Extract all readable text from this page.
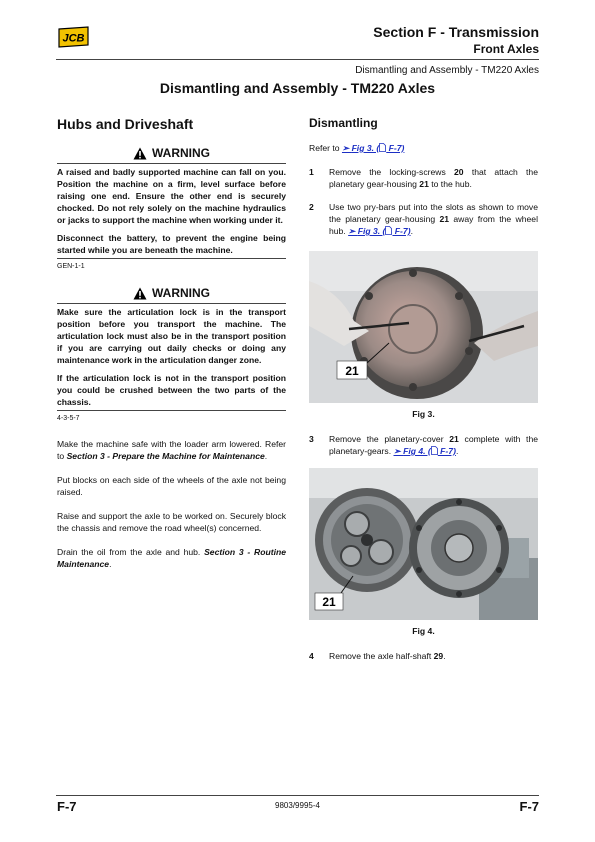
JCB	Section F - Transmission
Front Axles
Dismantling and Assembly - TM220 Axles
Dismantling and Assembly - TM220 Axles
Hubs and Driveshaft
WARNING

A raised and badly supported machine can fall on you. Position the machine on a firm, level surface before raising one end. Ensure the other end is securely chocked. Do not rely solely on the machine hydraulics or jacks to support the machine when working under it.

Disconnect the battery, to prevent the engine being started while you are beneath the machine.

GEN-1-1
WARNING

Make sure the articulation lock is in the transport position before you transport the machine. The articulation lock must also be in the transport position if you are carrying out daily checks or doing any maintenance work in the articulation danger zone.

If the articulation lock is not in the transport position you could be crushed between the two parts of the chassis.

4-3-5-7

Make the machine safe with the loader arm lowered. Refer to Section 3 - Prepare the Machine for Maintenance.

Put blocks on each side of the wheels of the axle not being raised.

Raise and support the axle to be worked on. Securely block the chassis and remove the road wheel(s) concerned.

Drain the oil from the axle and hub. Section 3 - Routine Maintenance.

Dismantling

Refer to ➢ Fig 3. ( F-7)

1	Remove the locking-screws 20 that attach the planetary gear-housing 21 to the hub.
2	Use two pry-bars put into the slots as shown to move the planetary gear-housing 21 away from the wheel hub. ➢ Fig 3. ( F-7).
21
Fig 3.
3	Remove the planetary-cover 21 complete with the planetary-gears. ➢ Fig 4. ( F-7).
21
Fig 4.
4	Remove the axle half-shaft 29.
F-7	9803/9995-4	F-7
